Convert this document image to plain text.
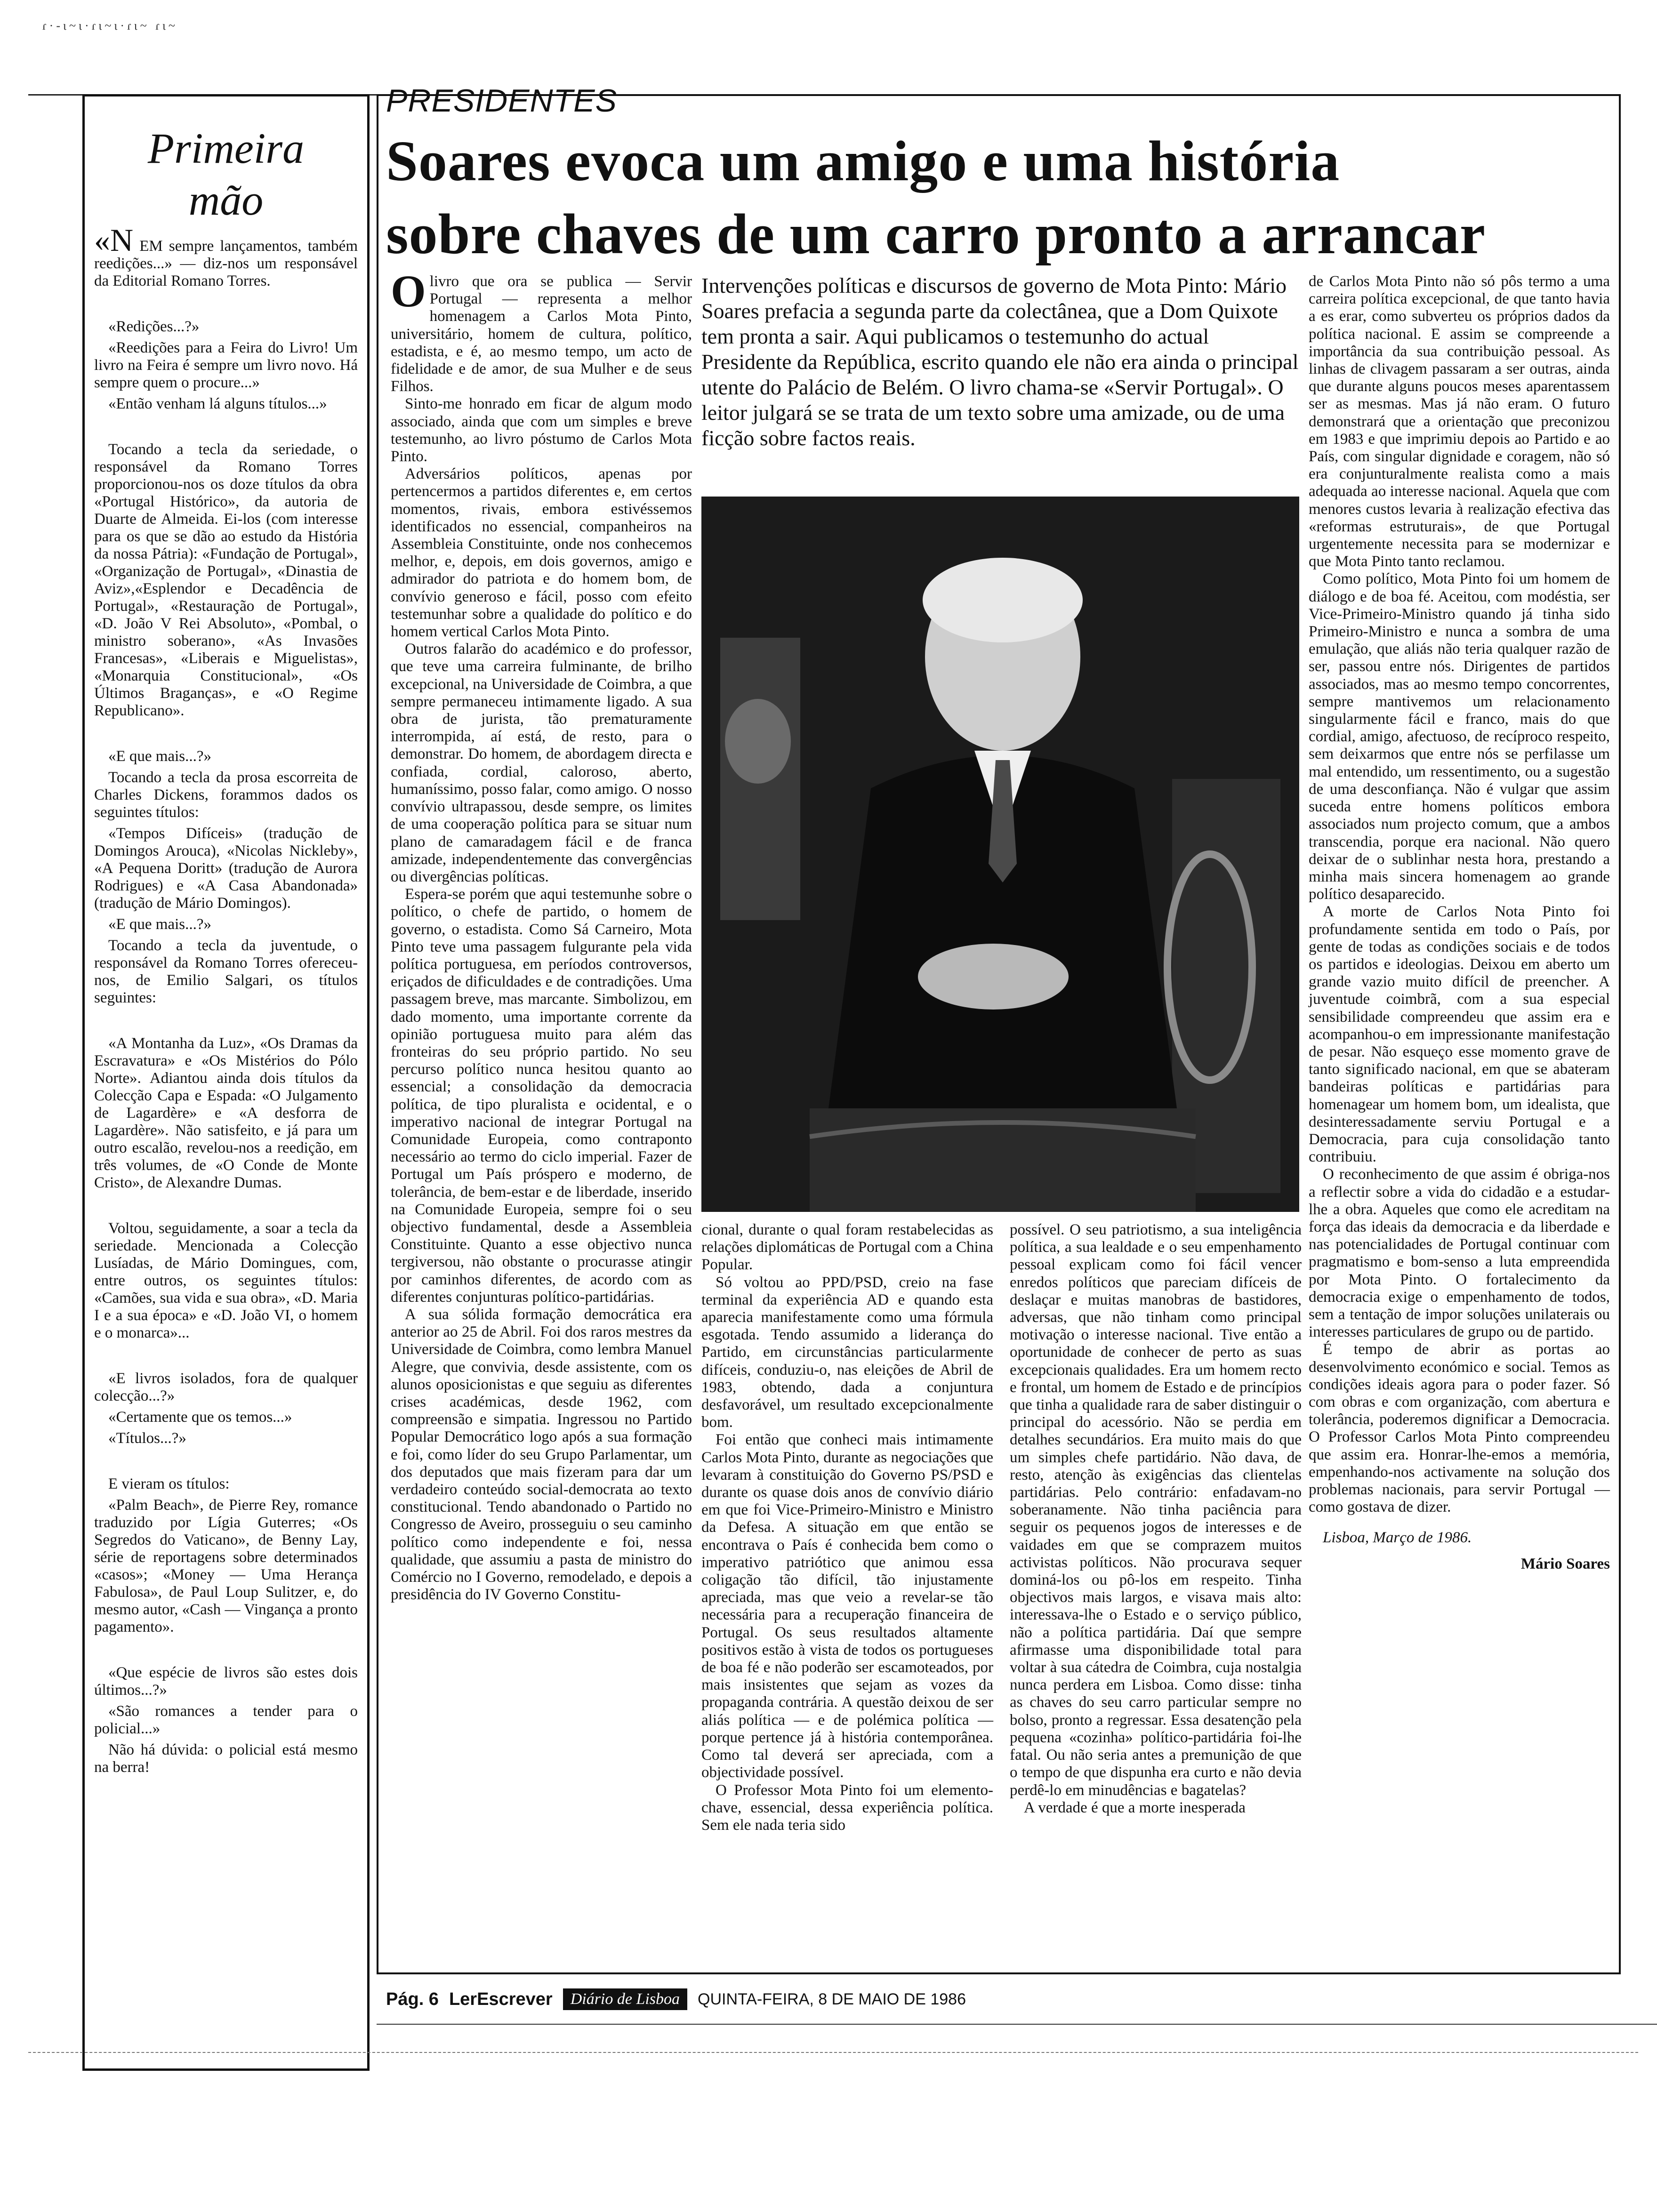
ɾ·‑ι~ι·ɾι~ι·ɾι~ ɾι~
Primeira
mão

«N EM sempre lançamentos, também reedições...» — diz-nos um responsável da Editorial Romano Torres.

«Redições...?»

«Reedições para a Feira do Livro! Um livro na Feira é sempre um livro novo. Há sempre quem o procure...»

«Então venham lá alguns títulos...»

Tocando a tecla da seriedade, o responsável da Romano Torres proporcionou-nos os doze títulos da obra «Portugal Histórico», da autoria de Duarte de Almeida. Ei-los (com interesse para os que se dão ao estudo da História da nossa Pátria): «Fundação de Portugal», «Organização de Portugal», «Dinastia de Aviz»,«Esplendor e Decadência de Portugal», «Restauração de Portugal», «D. João V Rei Absoluto», «Pombal, o ministro soberano», «As Invasões Francesas», «Liberais e Miguelistas», «Monarquia Constitucional», «Os Últimos Braganças», e «O Regime Republicano».

«E que mais...?»

Tocando a tecla da prosa escorreita de Charles Dickens, forammos dados os seguintes títulos:

«Tempos Difíceis» (tradução de Domingos Arouca), «Nicolas Nickleby», «A Pequena Doritt» (tradução de Aurora Rodrigues) e «A Casa Abandonada» (tradução de Mário Domingos).

«E que mais...?»

Tocando a tecla da juventude, o responsável da Romano Torres ofereceu-nos, de Emilio Salgari, os títulos seguintes:

«A Montanha da Luz», «Os Dramas da Escravatura» e «Os Mistérios do Pólo Norte». Adiantou ainda dois títulos da Colecção Capa e Espada: «O Julgamento de Lagardère» e «A desforra de Lagardère». Não satisfeito, e já para um outro escalão, revelou-nos a reedição, em três volumes, de «O Conde de Monte Cristo», de Alexandre Dumas.

Voltou, seguidamente, a soar a tecla da seriedade. Mencionada a Colecção Lusíadas, de Mário Domingues, com, entre outros, os seguintes títulos: «Camões, sua vida e sua obra», «D. Maria I e a sua época» e «D. João VI, o homem e o monarca»...

«E livros isolados, fora de qualquer colecção...?»

«Certamente que os temos...»

«Títulos...?»

E vieram os títulos:

«Palm Beach», de Pierre Rey, romance traduzido por Lígia Guterres; «Os Segredos do Vaticano», de Benny Lay, série de reportagens sobre determinados «casos»; «Money — Uma Herança Fabulosa», de Paul Loup Sulitzer, e, do mesmo autor, «Cash — Vingança a pronto pagamento».

«Que espécie de livros são estes dois últimos...?»

«São romances a tender para o policial...»

Não há dúvida: o policial está mesmo na berra!

PRESIDENTES
Soares evoca um amigo e uma história
sobre chaves de um carro pronto a arrancar

Olivro que ora se publica — Servir Portugal — representa a melhor homenagem a Carlos Mota Pinto, universitário, homem de cultura, político, estadista, e é, ao mesmo tempo, um acto de fidelidade e de amor, de sua Mulher e de seus Filhos.

Sinto-me honrado em ficar de algum modo associado, ainda que com um simples e breve testemunho, ao livro póstumo de Carlos Mota Pinto.

Adversários políticos, apenas por pertencermos a partidos diferentes e, em certos momentos, rivais, embora estivéssemos identificados no essencial, companheiros na Assembleia Constituinte, onde nos conhecemos melhor, e, depois, em dois governos, amigo e admirador do patriota e do homem bom, de convívio generoso e fácil, posso com efeito testemunhar sobre a qualidade do político e do homem vertical Carlos Mota Pinto.

Outros falarão do académico e do professor, que teve uma carreira fulminante, de brilho excepcional, na Universidade de Coimbra, a que sempre permaneceu intimamente ligado. A sua obra de jurista, tão prematuramente interrompida, aí está, de resto, para o demonstrar. Do homem, de abordagem directa e confiada, cordial, caloroso, aberto, humaníssimo, posso falar, como amigo. O nosso convívio ultrapassou, desde sempre, os limites de uma cooperação política para se situar num plano de camaradagem fácil e de franca amizade, independentemente das convergências ou divergências políticas.

Espera-se porém que aqui testemunhe sobre o político, o chefe de partido, o homem de governo, o estadista. Como Sá Carneiro, Mota Pinto teve uma passagem fulgurante pela vida política portuguesa, em períodos controversos, eriçados de dificuldades e de contradições. Uma passagem breve, mas marcante. Simbolizou, em dado momento, uma importante corrente da opinião portuguesa muito para além das fronteiras do seu próprio partido. No seu percurso político nunca hesitou quanto ao essencial; a consolidação da democracia política, de tipo pluralista e ocidental, e o imperativo nacional de integrar Portugal na Comunidade Europeia, como contraponto necessário ao termo do ciclo imperial. Fazer de Portugal um País próspero e moderno, de tolerância, de bem-estar e de liberdade, inserido na Comunidade Europeia, sempre foi o seu objectivo fundamental, desde a Assembleia Constituinte. Quanto a esse objectivo nunca tergiversou, não obstante o procurasse atingir por caminhos diferentes, de acordo com as diferentes conjunturas político-partidárias.

A sua sólida formação democrática era anterior ao 25 de Abril. Foi dos raros mestres da Universidade de Coimbra, como lembra Manuel Alegre, que convivia, desde assistente, com os alunos oposicionistas e que seguiu as diferentes crises académicas, desde 1962, com compreensão e simpatia. Ingressou no Partido Popular Democrático logo após a sua formação e foi, como líder do seu Grupo Parlamentar, um dos deputados que mais fizeram para dar um verdadeiro conteúdo social-democrata ao texto constitucional. Tendo abandonado o Partido no Congresso de Aveiro, prosseguiu o seu caminho político como independente e foi, nessa qualidade, que assumiu a pasta de ministro do Comércio no I Governo, remodelado, e depois a presidência do IV Governo Constitu-

Intervenções políticas e discursos de governo de Mota Pinto: Mário Soares prefacia a segunda parte da colectânea, que a Dom Quixote tem pronta a sair. Aqui publicamos o testemunho do actual Presidente da República, escrito quando ele não era ainda o principal utente do Palácio de Belém. O livro chama-se «Servir Portugal». O leitor julgará se se trata de um texto sobre uma amizade, ou de uma ficção sobre factos reais.

cional, durante o qual foram restabelecidas as relações diplomáticas de Portugal com a China Popular.

Só voltou ao PPD/PSD, creio na fase terminal da experiência AD e quando esta aparecia manifestamente como uma fórmula esgotada. Tendo assumido a liderança do Partido, em circunstâncias particularmente difíceis, conduziu-o, nas eleições de Abril de 1983, obtendo, dada a conjuntura desfavorável, um resultado excepcionalmente bom.

Foi então que conheci mais intimamente Carlos Mota Pinto, durante as negociações que levaram à constituição do Governo PS/PSD e durante os quase dois anos de convívio diário em que foi Vice-Primeiro-Ministro e Ministro da Defesa. A situação em que então se encontrava o País é conhecida bem como o imperativo patriótico que animou essa coligação tão difícil, tão injustamente apreciada, mas que veio a revelar-se tão necessária para a recuperação financeira de Portugal. Os seus resultados altamente positivos estão à vista de todos os portugueses de boa fé e não poderão ser escamoteados, por mais insistentes que sejam as vozes da propaganda contrária. A questão deixou de ser aliás política — e de polémica política — porque pertence já à história contemporânea. Como tal deverá ser apreciada, com a objectividade possível.

O Professor Mota Pinto foi um elemento-chave, essencial, dessa experiência política. Sem ele nada teria sido

possível. O seu patriotismo, a sua inteligência política, a sua lealdade e o seu empenhamento pessoal explicam como foi fácil vencer enredos políticos que pareciam difíceis de deslaçar e muitas manobras de bastidores, adversas, que não tinham como principal motivação o interesse nacional. Tive então a oportunidade de conhecer de perto as suas excepcionais qualidades. Era um homem recto e frontal, um homem de Estado e de princípios que tinha a qualidade rara de saber distinguir o principal do acessório. Não se perdia em detalhes secundários. Era muito mais do que um simples chefe partidário. Não dava, de resto, atenção às exigências das clientelas partidárias. Pelo contrário: enfadavam-no soberanamente. Não tinha paciência para seguir os pequenos jogos de interesses e de vaidades em que se comprazem muitos activistas políticos. Não procurava sequer dominá-los ou pô-los em respeito. Tinha objectivos mais largos, e visava mais alto: interessava-lhe o Estado e o serviço público, não a política partidária. Daí que sempre afirmasse uma disponibilidade total para voltar à sua cátedra de Coimbra, cuja nostalgia nunca perdera em Lisboa. Como disse: tinha as chaves do seu carro particular sempre no bolso, pronto a regressar. Essa desatenção pela pequena «cozinha» político-partidária foi-lhe fatal. Ou não seria antes a premunição de que o tempo de que dispunha era curto e não devia perdê-lo em minudências e bagatelas?

A verdade é que a morte inesperada

de Carlos Mota Pinto não só pôs termo a uma carreira política excepcional, de que tanto havia a es erar, como subverteu os próprios dados da política nacional. E assim se compreende a importância da sua contribuição pessoal. As linhas de clivagem passaram a ser outras, ainda que durante alguns poucos meses aparentassem ser as mesmas. Mas já não eram. O futuro demonstrará que a orientação que preconizou em 1983 e que imprimiu depois ao Partido e ao País, com singular dignidade e coragem, não só era conjunturalmente realista como a mais adequada ao interesse nacional. Aquela que com menores custos levaria à realização efectiva das «reformas estruturais», de que Portugal urgentemente necessita para se modernizar e que Mota Pinto tanto reclamou.

Como político, Mota Pinto foi um homem de diálogo e de boa fé. Aceitou, com modéstia, ser Vice-Primeiro-Ministro quando já tinha sido Primeiro-Ministro e nunca a sombra de uma emulação, que aliás não teria qualquer razão de ser, passou entre nós. Dirigentes de partidos associados, mas ao mesmo tempo concorrentes, sempre mantivemos um relacionamento singularmente fácil e franco, mais do que cordial, amigo, afectuoso, de recíproco respeito, sem deixarmos que entre nós se perfilasse um mal entendido, um ressentimento, ou a sugestão de uma desconfiança. Não é vulgar que assim suceda entre homens políticos embora associados num projecto comum, que a ambos transcendia, porque era nacional. Não quero deixar de o sublinhar nesta hora, prestando a minha mais sincera homenagem ao grande político desaparecido.

A morte de Carlos Nota Pinto foi profundamente sentida em todo o País, por gente de todas as condições sociais e de todos os partidos e ideologias. Deixou em aberto um grande vazio muito difícil de preencher. A juventude coimbrã, com a sua especial sensibilidade compreendeu que assim era e acompanhou-o em impressionante manifestação de pesar. Não esqueço esse momento grave de tanto significado nacional, em que se abateram bandeiras políticas e partidárias para homenagear um homem bom, um idealista, que desinteressadamente serviu Portugal e a Democracia, para cuja consolidação tanto contribuiu.

O reconhecimento de que assim é obriga-nos a reflectir sobre a vida do cidadão e a estudar-lhe a obra. Aqueles que como ele acreditam na força das ideais da democracia e da liberdade e nas potencialidades de Portugal continuar com pragmatismo e bom-senso a luta empreendida por Mota Pinto. O fortalecimento da democracia exige o empenhamento de todos, sem a tentação de impor soluções unilaterais ou interesses particulares de grupo ou de partido.

É tempo de abrir as portas ao desenvolvimento económico e social. Temos as condições ideais agora para o poder fazer. Só com obras e com organização, com abertura e tolerância, poderemos dignificar a Democracia. O Professor Carlos Mota Pinto compreendeu que assim era. Honrar-lhe-emos a memória, empenhando-nos activamente na solução dos problemas nacionais, para servir Portugal — como gostava de dizer.

Lisboa, Março de 1986.

Mário Soares

Pág. 6 LerEscrever	Diário de Lisboa	QUINTA-FEIRA, 8 DE MAIO DE 1986
